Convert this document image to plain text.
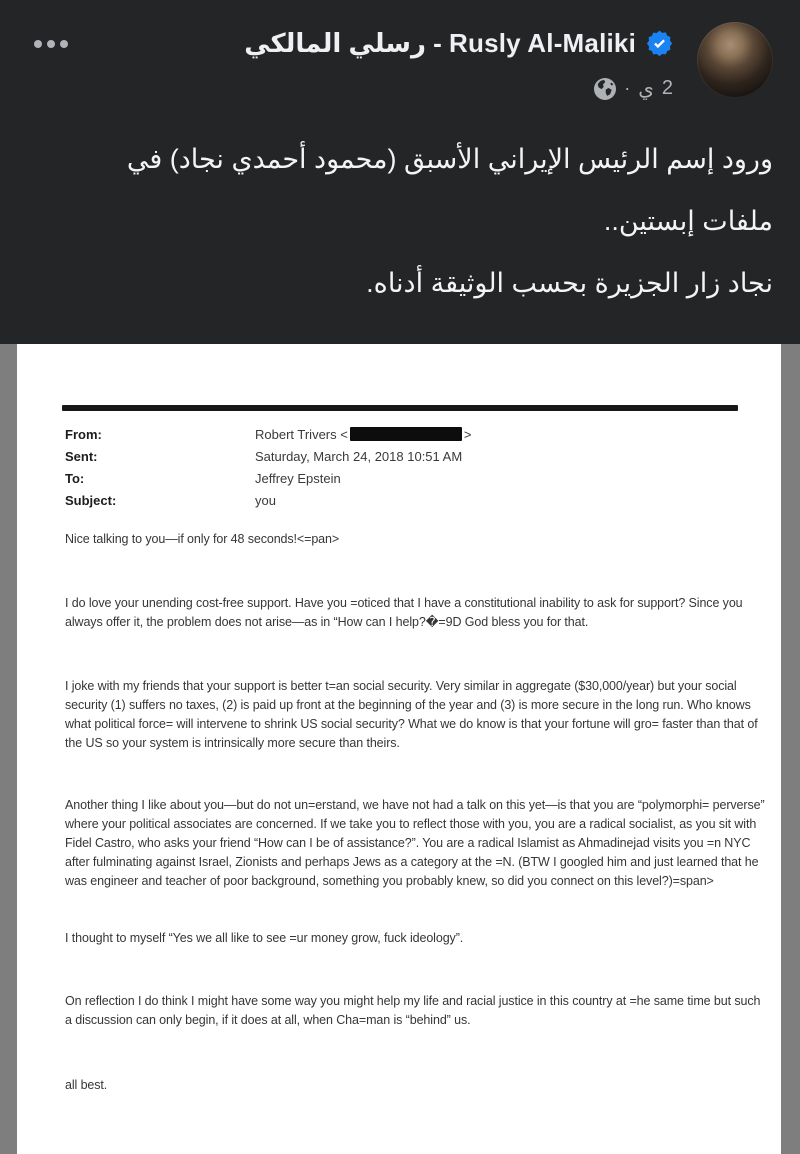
رسلي المالكي - Rusly Al-Maliki
· ي 2
ورود إسم الرئيس الإيراني الأسبق (محمود أحمدي نجاد) في
ملفات إبستين..
نجاد زار الجزيرة بحسب الوثيقة أدناه.
From:	Robert Trivers <	>
Sent:	Saturday, March 24, 2018 10:51 AM
To:	Jeffrey Epstein
Subject:	you

Nice talking to you—if only for 48 seconds!<=pan>

I do love your unending cost-free support. Have you =oticed that I have a constitutional inability to ask for support? Since you always offer it, the problem does not arise—as in “How can I help?�=9D God bless you for that.

I joke with my friends that your support is better t=an social security. Very similar in aggregate ($30,000/year) but your social security (1) suffers no taxes, (2) is paid up front at the beginning of the year and (3) is more secure in the long run. Who knows what political force= will intervene to shrink US social security? What we do know is that your fortune will gro= faster than that of the US so your system is intrinsically more secure than theirs.

Another thing I like about you—but do not un=erstand, we have not had a talk on this yet—is that you are “polymorphi= perverse” where your political associates are concerned. If we take you to reflect those with you, you are a radical socialist, as you sit with Fidel Castro, who asks your friend “How can I be of assistance?”. You are a radical Islamist as Ahmadinejad visits you =n NYC after fulminating against Israel, Zionists and perhaps Jews as a category at the =N. (BTW I googled him and just learned that he was engineer and teacher of poor background, something you probably knew, so did you connect on this level?)=span>

I thought to myself “Yes we all like to see =ur money grow, fuck ideology”.

On reflection I do think I might have some way you might help my life and racial justice in this country at =he same time but such a discussion can only begin, if it does at all, when Cha=man is “behind” us.

all best.
